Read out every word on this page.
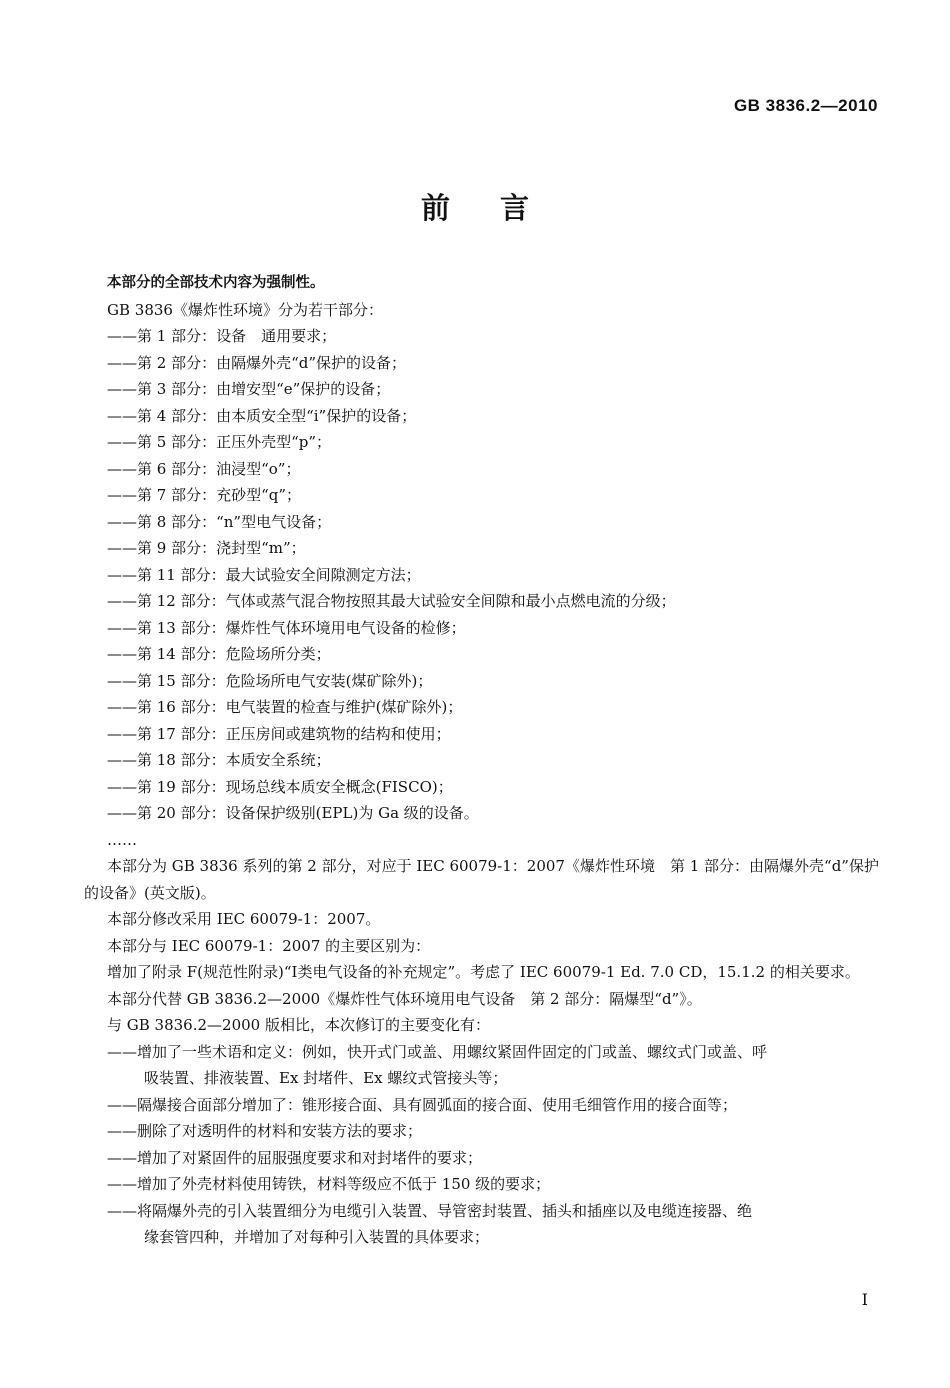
GB 3836.2—2010
前言
本部分的全部技术内容为强制性。
GB 3836《爆炸性环境》分为若干部分：
——第 1 部分：设备　通用要求；
——第 2 部分：由隔爆外壳“d”保护的设备；
——第 3 部分：由增安型“e”保护的设备；
——第 4 部分：由本质安全型“i”保护的设备；
——第 5 部分：正压外壳型“p”；
——第 6 部分：油浸型“o”；
——第 7 部分：充砂型“q”；
——第 8 部分：“n”型电气设备；
——第 9 部分：浇封型“m”；
——第 11 部分：最大试验安全间隙测定方法；
——第 12 部分：气体或蒸气混合物按照其最大试验安全间隙和最小点燃电流的分级；
——第 13 部分：爆炸性气体环境用电气设备的检修；
——第 14 部分：危险场所分类；
——第 15 部分：危险场所电气安装(煤矿除外)；
——第 16 部分：电气装置的检查与维护(煤矿除外)；
——第 17 部分：正压房间或建筑物的结构和使用；
——第 18 部分：本质安全系统；
——第 19 部分：现场总线本质安全概念(FISCO)；
——第 20 部分：设备保护级别(EPL)为 Ga 级的设备。
……
本部分为 GB 3836 系列的第 2 部分，对应于 IEC 60079-1：2007《爆炸性环境　第 1 部分：由隔爆外壳“d”保护的设备》(英文版)。
本部分修改采用 IEC 60079-1：2007。
本部分与 IEC 60079-1：2007 的主要区别为：
增加了附录 F(规范性附录)“Ⅰ类电气设备的补充规定”。考虑了 IEC 60079-1 Ed. 7.0 CD，15.1.2 的相关要求。
本部分代替 GB 3836.2—2000《爆炸性气体环境用电气设备　第 2 部分：隔爆型“d”》。
与 GB 3836.2—2000 版相比，本次修订的主要变化有：
——增加了一些术语和定义：例如，快开式门或盖、用螺纹紧固件固定的门或盖、螺纹式门或盖、呼
吸装置、排液装置、Ex 封堵件、Ex 螺纹式管接头等；
——隔爆接合面部分增加了：锥形接合面、具有圆弧面的接合面、使用毛细管作用的接合面等；
——删除了对透明件的材料和安装方法的要求；
——增加了对紧固件的屈服强度要求和对封堵件的要求；
——增加了外壳材料使用铸铁，材料等级应不低于 150 级的要求；
——将隔爆外壳的引入装置细分为电缆引入装置、导管密封装置、插头和插座以及电缆连接器、绝
缘套管四种，并增加了对每种引入装置的具体要求；
I
